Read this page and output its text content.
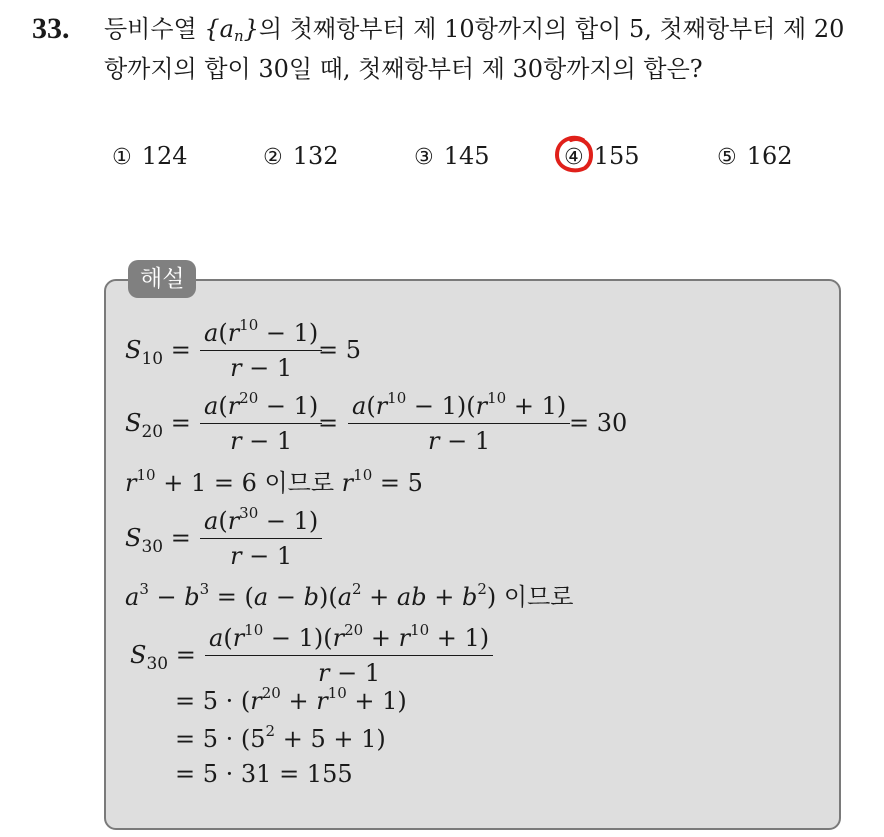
33. 등비수열 $\{a_n\}$의 첫째항부터 제 10항까지의 합이 5, 첫째항부터 제 20
항까지의 합이 30일 때, 첫째항부터 제 30항까지의 합은?
① 124	② 132	③ 145	④ 155	⑤ 162
해설
$S_{10} = \frac{a(r^{10} - 1)}{r - 1}$
= 5
$S_{20} = \frac{a(r^{20} - 1)}{r - 1}$
= $\frac{a(r^{10} - 1)(r^{10} + 1)}{r - 1}$
= 30
$r^{10} + 1 = 6$ 이므로 $r^{10} = 5$
$S_{30} = \frac{a(r^{30} - 1)}{r - 1}$
$a^3 - b^3 = (a - b)(a^2$ + ab + $b^2$) 이므로
$S_{30} = \frac{a(r^{10} - 1)(r^{20} + r^{10} + 1)}{r - 1}$
= $5 \cdot (r^{20} + r^{10} + 1)$
= $5 \cdot (5^2 + 5 + 1)$
= 5 · 31 = 155
